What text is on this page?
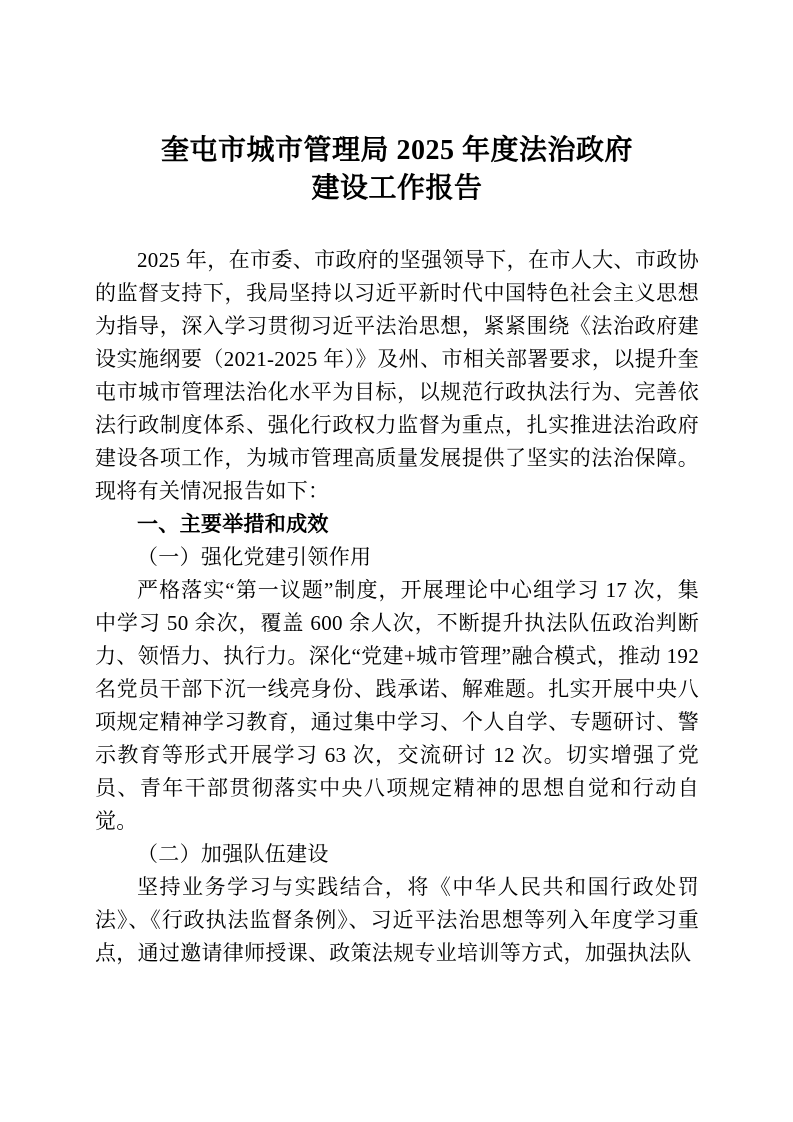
奎屯市城市管理局 2025 年度法治政府
建设工作报告

2025 年，在市委、市政府的坚强领导下，在市人大、市政协的监督支持下，我局坚持以习近平新时代中国特色社会主义思想为指导，深入学习贯彻习近平法治思想，紧紧围绕《法治政府建设实施纲要（2021-2025 年）》及州、市相关部署要求，以提升奎屯市城市管理法治化水平为目标，以规范行政执法行为、完善依法行政制度体系、强化行政权力监督为重点，扎实推进法治政府建设各项工作，为城市管理高质量发展提供了坚实的法治保障。现将有关情况报告如下：

一、主要举措和成效

（一）强化党建引领作用

严格落实“第一议题”制度，开展理论中心组学习 17 次，集中学习 50 余次，覆盖 600 余人次，不断提升执法队伍政治判断力、领悟力、执行力。深化“党建+城市管理”融合模式，推动 192 名党员干部下沉一线亮身份、践承诺、解难题。扎实开展中央八项规定精神学习教育，通过集中学习、个人自学、专题研讨、警示教育等形式开展学习 63 次，交流研讨 12 次。切实增强了党员、青年干部贯彻落实中央八项规定精神的思想自觉和行动自觉。

（二）加强队伍建设

坚持业务学习与实践结合，将《中华人民共和国行政处罚法》、《行政执法监督条例》、习近平法治思想等列入年度学习重点，通过邀请律师授课、政策法规专业培训等方式，加强执法队
